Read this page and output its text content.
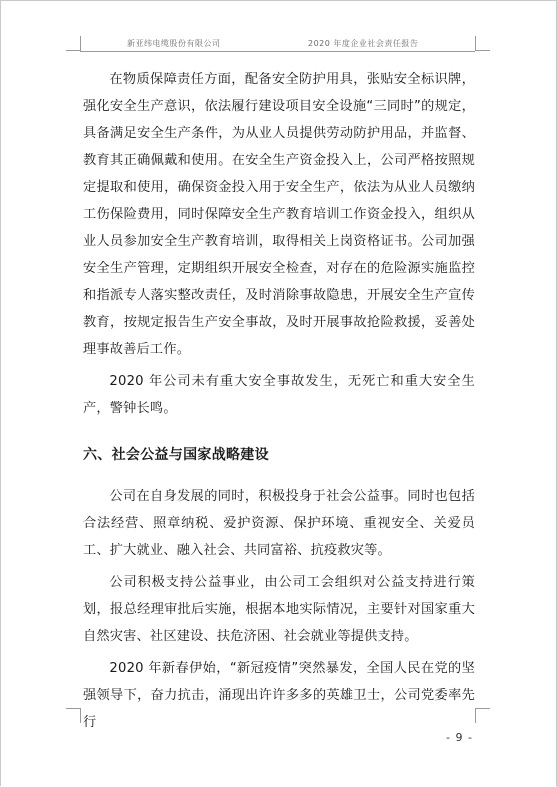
新亚纬电缆股份有限公司	2020 年度企业社会责任报告

在物质保障责任方面，配备安全防护用具，张贴安全标识牌，强化安全生产意识，依法履行建设项目安全设施“三同时”的规定，具备满足安全生产条件，为从业人员提供劳动防护用品，并监督、教育其正确佩戴和使用。在安全生产资金投入上，公司严格按照规定提取和使用，确保资金投入用于安全生产，依法为从业人员缴纳工伤保险费用，同时保障安全生产教育培训工作资金投入，组织从业人员参加安全生产教育培训，取得相关上岗资格证书。公司加强安全生产管理，定期组织开展安全检查，对存在的危险源实施监控和指派专人落实整改责任，及时消除事故隐患，开展安全生产宣传教育，按规定报告生产安全事故，及时开展事故抢险救援，妥善处理事故善后工作。

2020 年公司未有重大安全事故发生，无死亡和重大安全生产，警钟长鸣。

六、社会公益与国家战略建设

公司在自身发展的同时，积极投身于社会公益事。同时也包括合法经营、照章纳税、爱护资源、保护环境、重视安全、关爱员工、扩大就业、融入社会、共同富裕、抗疫救灾等。

公司积极支持公益事业，由公司工会组织对公益支持进行策划，报总经理审批后实施，根据本地实际情况，主要针对国家重大自然灾害、社区建设、扶危济困、社会就业等提供支持。

2020 年新春伊始，“新冠疫情”突然暴发，全国人民在党的坚强领导下，奋力抗击，涌现出许许多多的英雄卫士，公司党委率先行

- 9 -
